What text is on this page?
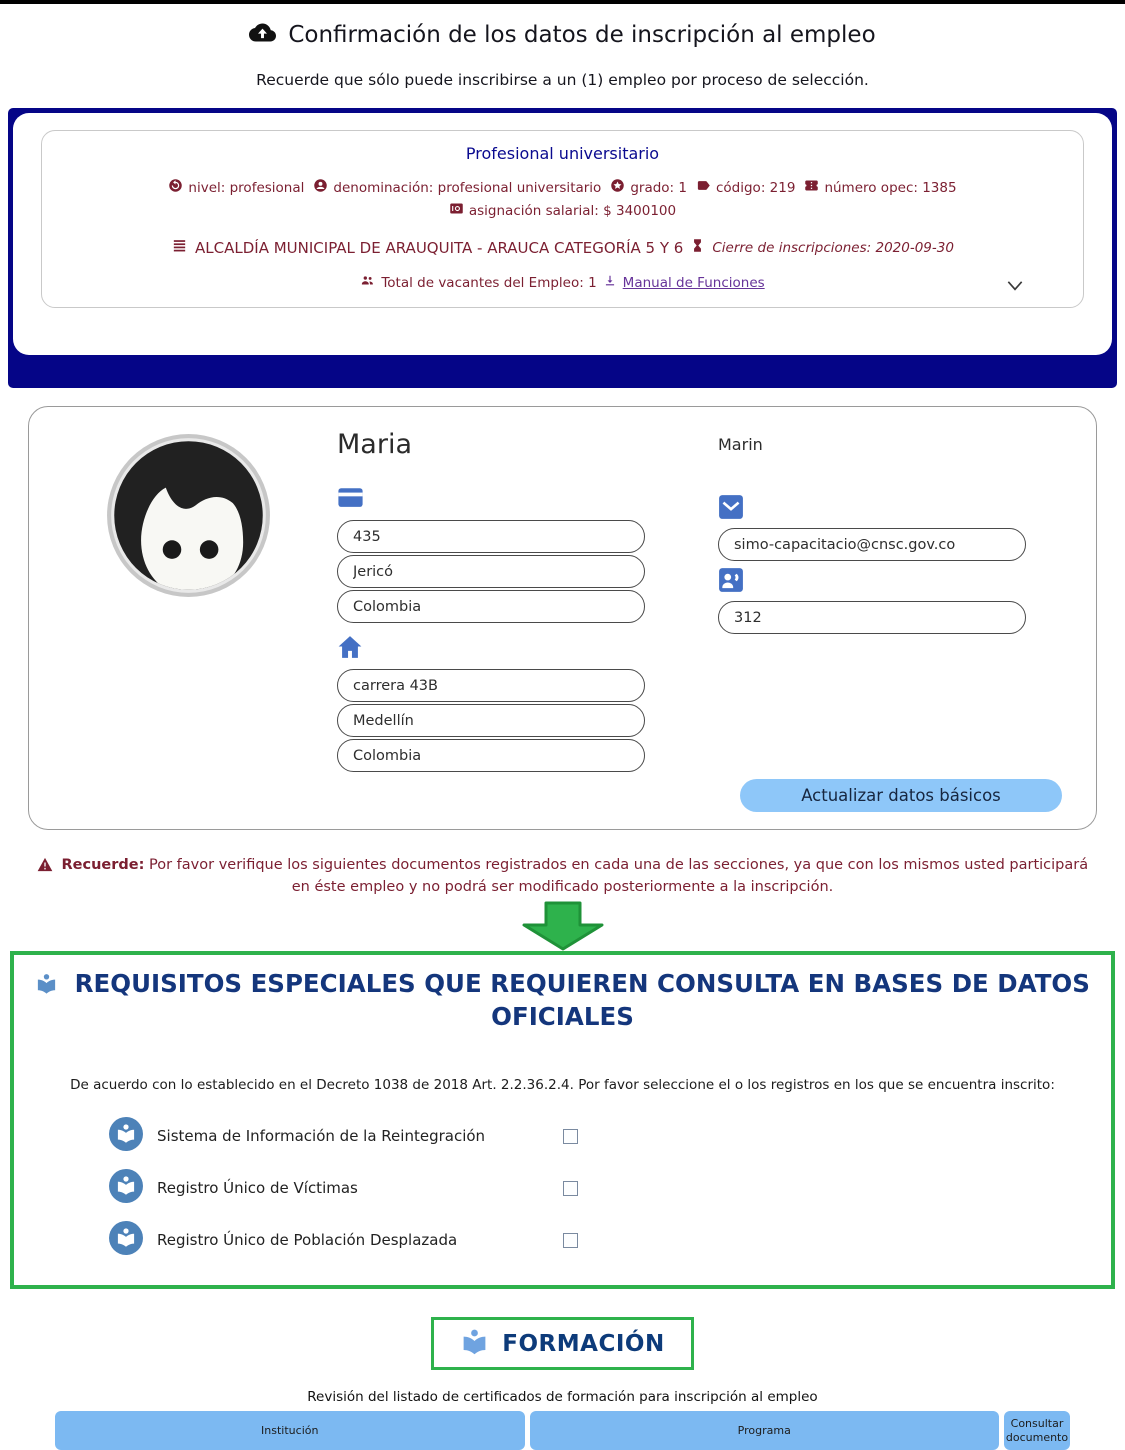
Confirmación de los datos de inscripción al empleo

Recuerde que sólo puede inscribirse a un (1) empleo por proceso de selección.

Profesional universitario
nivel: profesional denominación: profesional universitario grado: 1 código: 219 número opec: 1385
asignación salarial: $ 3400100
ALCALDÍA MUNICIPAL DE ARAUQUITA - ARAUCA CATEGORÍA 5 Y 6 Cierre de inscripciones: 2020-09-30
Total de vacantes del Empleo: 1 Manual de Funciones
Maria
435
Jericó
Colombia
carrera 43B
Medellín
Colombia	Marin
simo-capacitacio@cnsc.gov.co
312
Actualizar datos básicos

Recuerde: Por favor verifique los siguientes documentos registrados en cada una de las secciones, ya que con los mismos usted participará en éste empleo y no podrá ser modificado posteriormente a la inscripción.

REQUISITOS ESPECIALES QUE REQUIEREN CONSULTA EN BASES DE DATOS OFICIALES

De acuerdo con lo establecido en el Decreto 1038 de 2018 Art. 2.2.36.2.4. Por favor seleccione el o los registros en los que se encuentra inscrito:

Sistema de Información de la Reintegración
Registro Único de Víctimas
Registro Único de Población Desplazada
FORMACIÓN

Revisión del listado de certificados de formación para inscripción al empleo

Institución	Programa
Consultar documento
